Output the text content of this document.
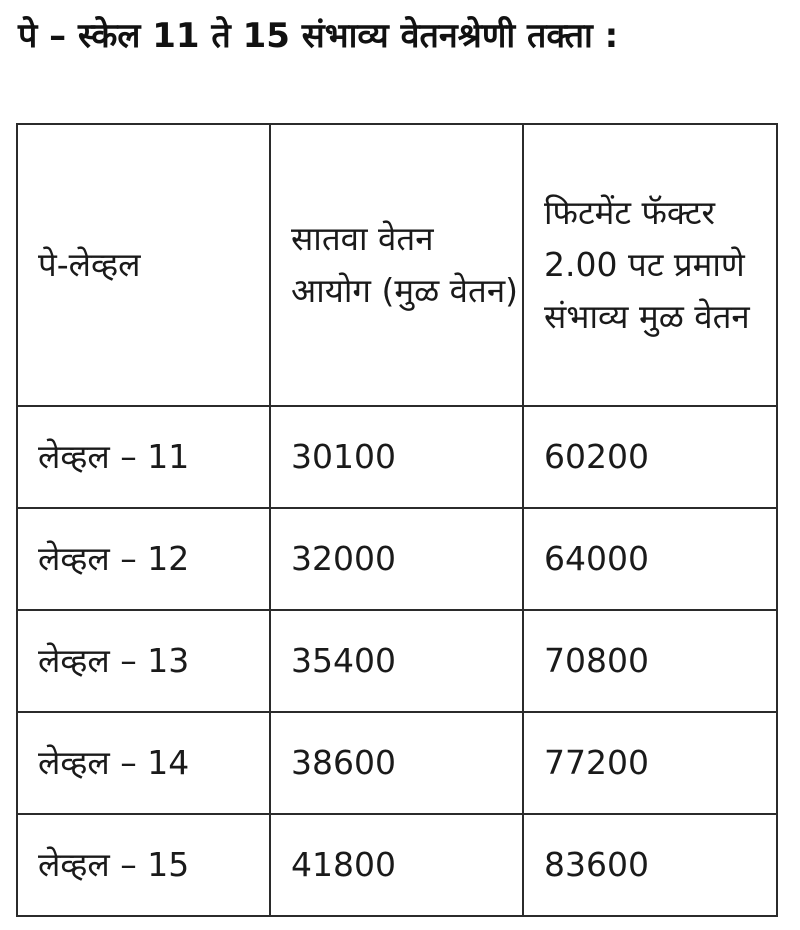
पे – स्केल 11 ते 15 संभाव्य वेतनश्रेणी तक्ता :
पे-लेव्हल	सातवा वेतन आयोग (मुळ वेतन)	फिटमेंट फॅक्टर 2.00 पट प्रमाणे संभाव्य मुळ वेतन
लेव्हल – 11	30100	60200
लेव्हल – 12	32000	64000
लेव्हल – 13	35400	70800
लेव्हल – 14	38600	77200
लेव्हल – 15	41800	83600
